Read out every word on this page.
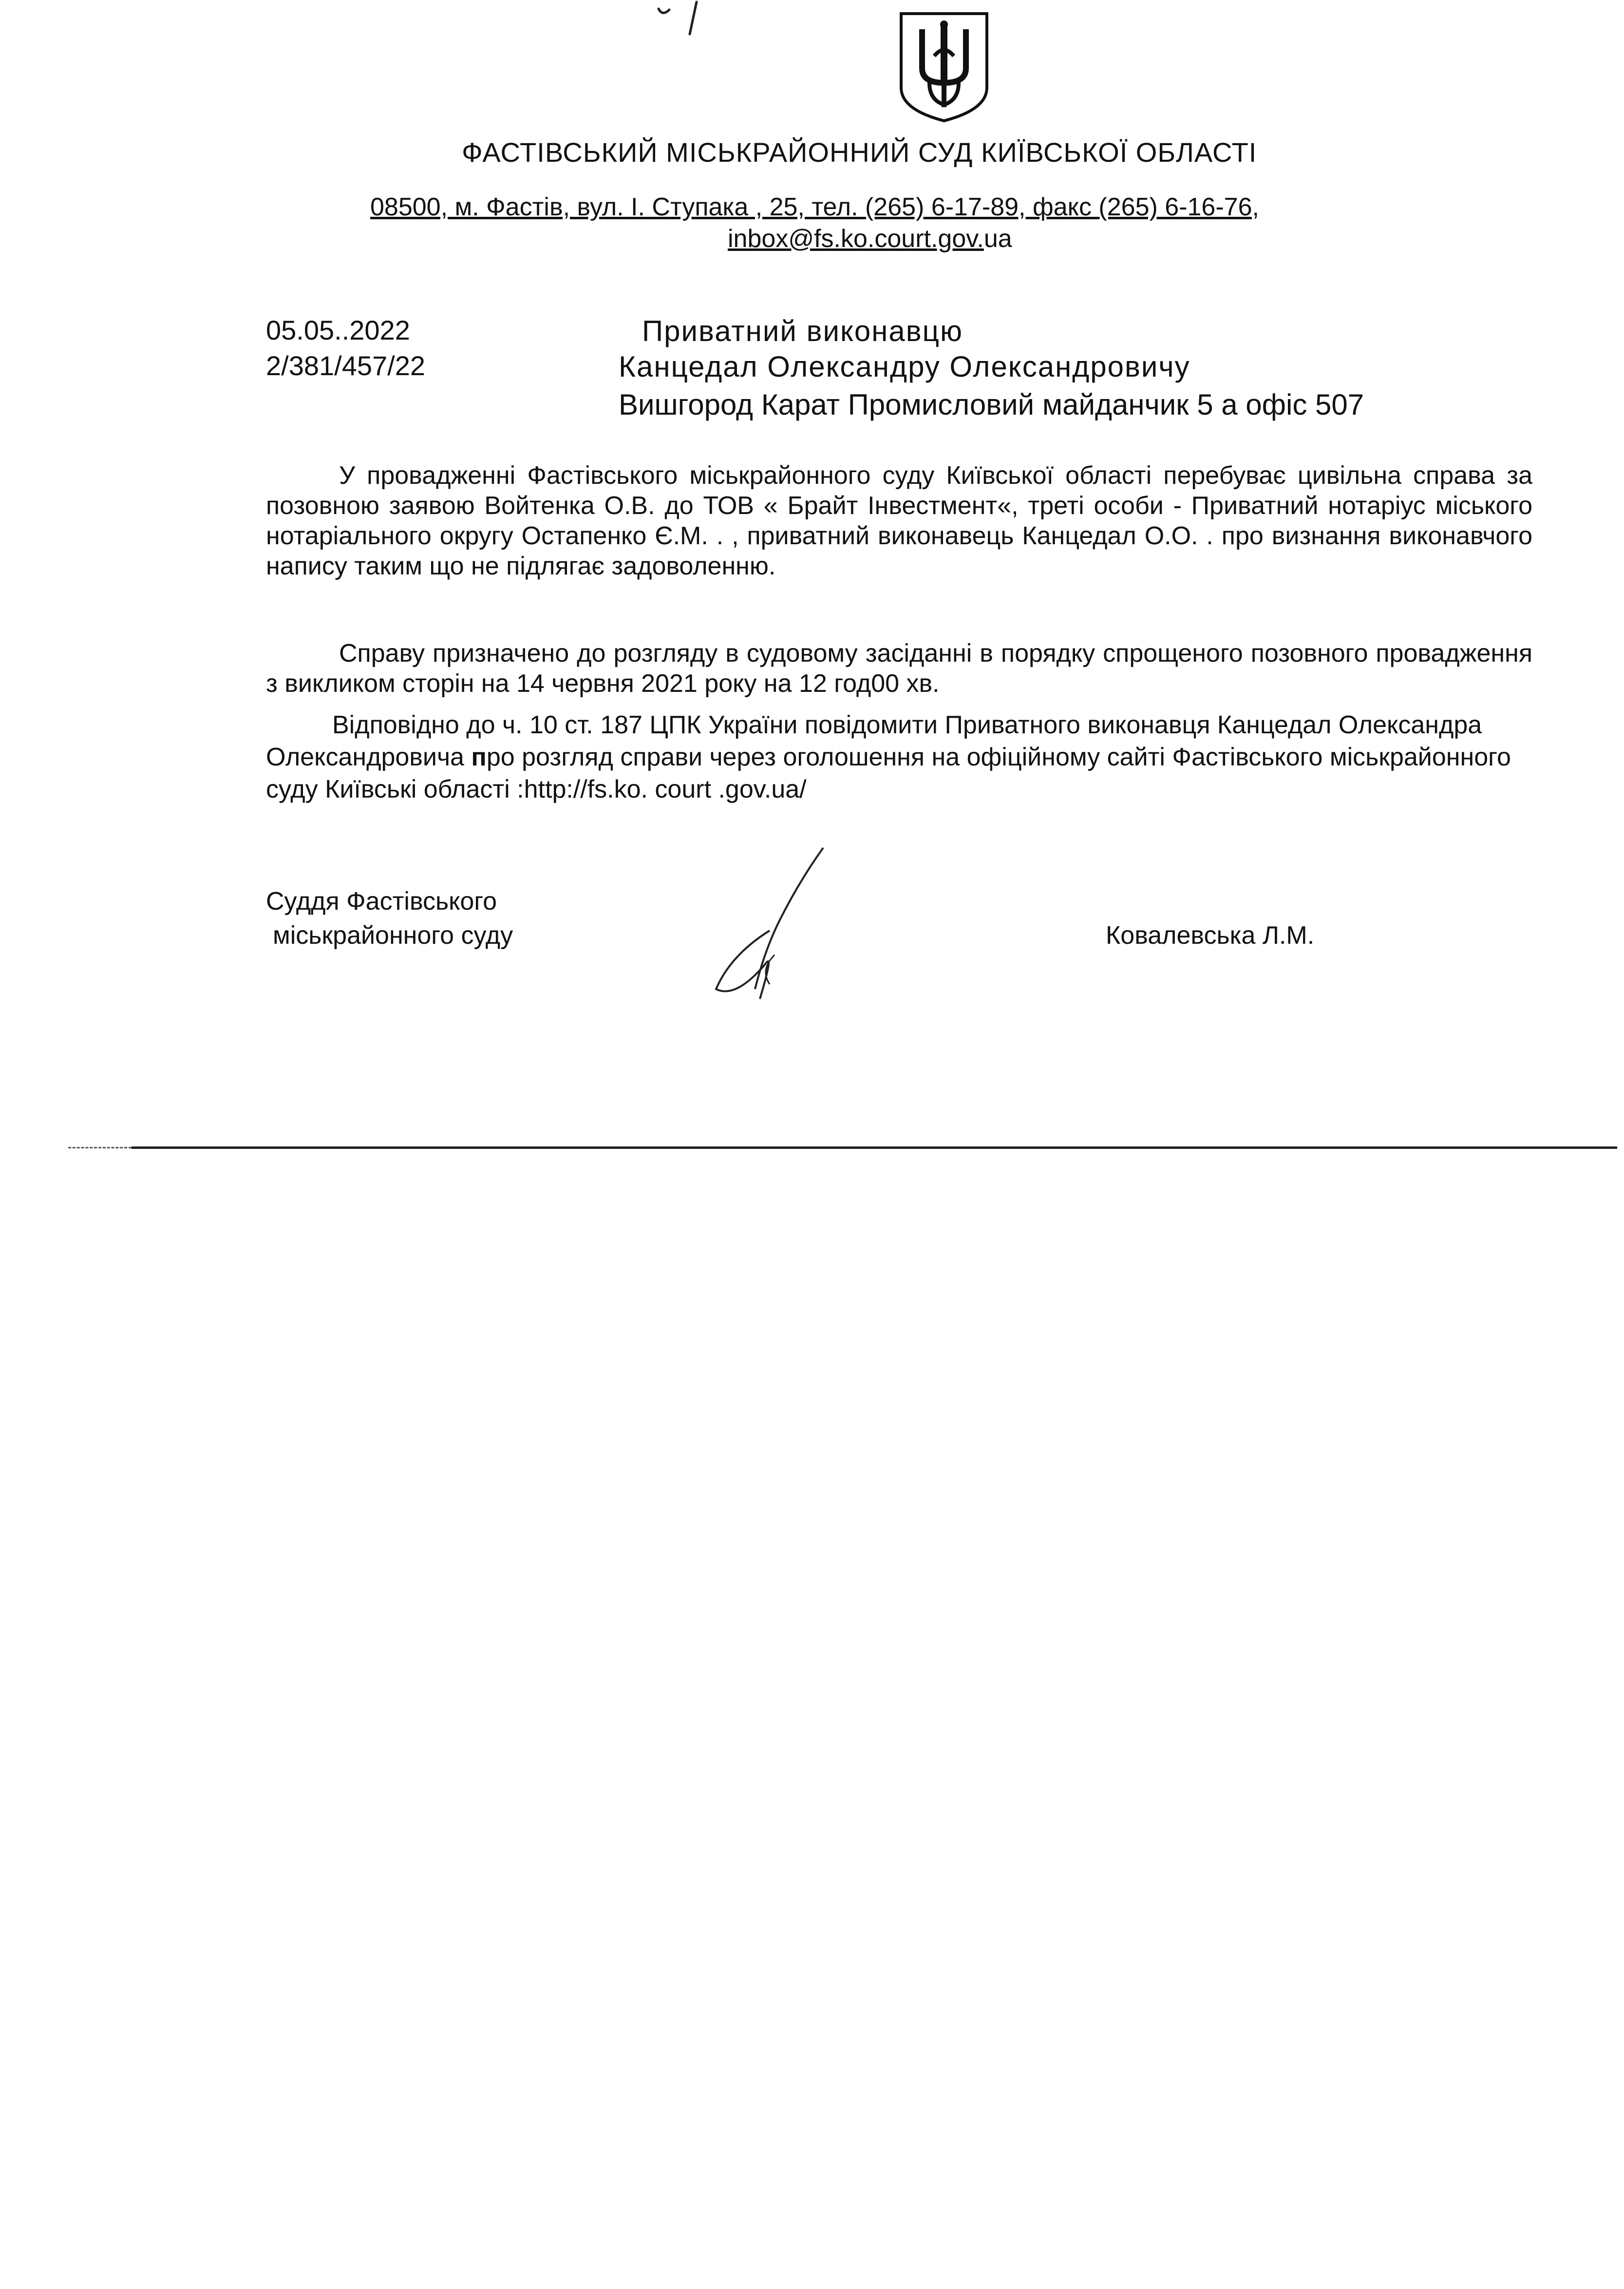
ФАСТІВСЬКИЙ МІСЬКРАЙОННИЙ СУД КИЇВСЬКОЇ ОБЛАСТІ

08500, м. Фастів, вул. І. Ступака , 25, тел. (265) 6-17-89, факс (265) 6-16-76,

inbox@fs.ko.court.gov.ua

05.05..2022

2/381/457/22

Приватний виконавцю

Канцедал Олександру Олександровичу

Вишгород Карат Промисловий майданчик 5 а офіс 507

У провадженні Фастівського міськрайонного суду Київської області перебуває цивільна справа за позовною заявою Войтенка О.В. до ТОВ « Брайт Інвестмент«, треті особи - Приватний нотаріус міського нотаріального округу Остапенко Є.М. . , приватний виконавець Канцедал О.О. . про визнання виконавчого напису таким що не підлягає задоволенню.

Справу призначено до розгляду в судовому засіданні в порядку спрощеного позовного провадження з викликом сторін на 14 червня 2021 року на 12 год00 хв.

Відповідно до ч. 10 ст. 187 ЦПК України повідомити Приватного виконавця Канцедал Олександра Олександровича про розгляд справи через оголошення на офіційному сайті Фастівського міськрайонного суду Київські області :http://fs.ko. court .gov.ua/

Суддя Фастівського

міськрайонного суду	Ковалевська Л.М.
